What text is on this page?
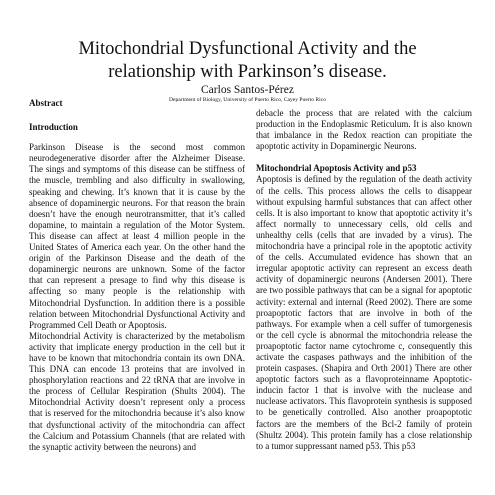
Mitochondrial Dysfunctional Activity and the relationship with Parkinson’s disease.
Carlos Santos-Pérez
Department of Biology, University of Puerto Rico, Cayey Puerto Rico

Abstract

Introduction

Parkinson Disease is the second most common neurodegenerative disorder after the Alzheimer Disease. The sings and symptoms of this disease can be stiffness of the muscle, trembling and also difficulty in swallowing, speaking and chewing. It’s known that it is cause by the absence of dopaminergic neurons. For that reason the brain doesn’t have the enough neurotransmitter, that it’s called dopamine, to maintain a regulation of the Motor System. This disease can affect at least 4 million people in the United States of America each year. On the other hand the origin of the Parkinson Disease and the death of the dopaminergic neurons are unknown. Some of the factor that can represent a presage to find why this disease is affecting so many people is the relationship with Mitochondrial Dysfunction. In addition there is a possible relation between Mitochondrial Dysfunctional Activity and Programmed Cell Death or Apoptosis.

Mitochondrial Activity is characterized by the metabolism activity that implicate energy production in the cell but it have to be known that mitochondria contain its own DNA. This DNA can encode 13 proteins that are involved in phosphorylation reactions and 22 tRNA that are involve in the process of Cellular Respiration (Shults 2004). The Mitochondrial Activity doesn’t represent only a process that is reserved for the mitochondria because it’s also know that dysfunctional activity of the mitochondria can affect the Calcium and Potassium Channels (that are related with the synaptic activity between the neurons) and

debacle the process that are related with the calcium production in the Endoplasmic Reticulum. It is also known that imbalance in the Redox reaction can propitiate the apoptotic activity in Dopaminergic Neurons.

Mitochondrial Apoptosis Activity and p53

Apoptosis is defined by the regulation of the death activity of the cells. This process allows the cells to disappear without expulsing harmful substances that can affect other cells. It is also important to know that apoptotic activity it’s affect normally to unnecessary cells, old cells and unhealthy cells (cells that are invaded by a virus). The mitochondria have a principal role in the apoptotic activity of the cells. Accumulated evidence has shown that an irregular apoptotic activity can represent an excess death activity of dopaminergic neurons (Andersen 2001). There are two possible pathways that can be a signal for apoptotic activity: external and internal (Reed 2002). There are some proapoptotic factors that are involve in both of the pathways. For example when a cell suffer of tumorgenesis or the cell cycle is abnormal the mitochondria release the proapoptotic factor name cytochrome c, consequently this activate the caspases pathways and the inhibition of the protein caspases. (Shapira and Orth 2001) There are other apoptotic factors such as a flavoproteinname Apoptotic-inducin factor 1 that is involve with the nuclease and nuclease activators. This flavoprotein synthesis is supposed to be genetically controlled. Also another proapoptotic factors are the members of the Bcl-2 family of protein (Shultz 2004). This protein family has a close relationship to a tumor suppressant named p53. This p53
